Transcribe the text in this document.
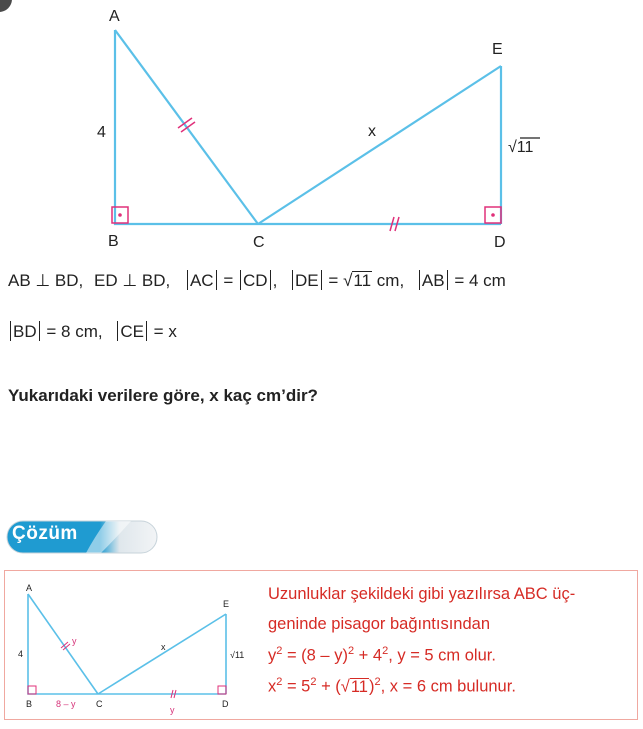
A
B	C	D
E
4	x
√11
AB ⊥ BD, ED ⊥ BD, AC = CD , DE = √11 cm, AB = 4 cm
BD = 8 cm, CE = x
Yukarıdaki verilere göre, x kaç cm’dir?
Çözüm
A
B	C	D
E
4
y
8 – y
y
x
√11
Uzunluklar şekildeki gibi yazılırsa ABC üç-
geninde pisagor bağıntısından
$y^2 = (8 - y)^2 + 4^2$, y = 5 cm olur.
$x^2 = 5^2 + (√11)^2$, x = 6 cm bulunur.
